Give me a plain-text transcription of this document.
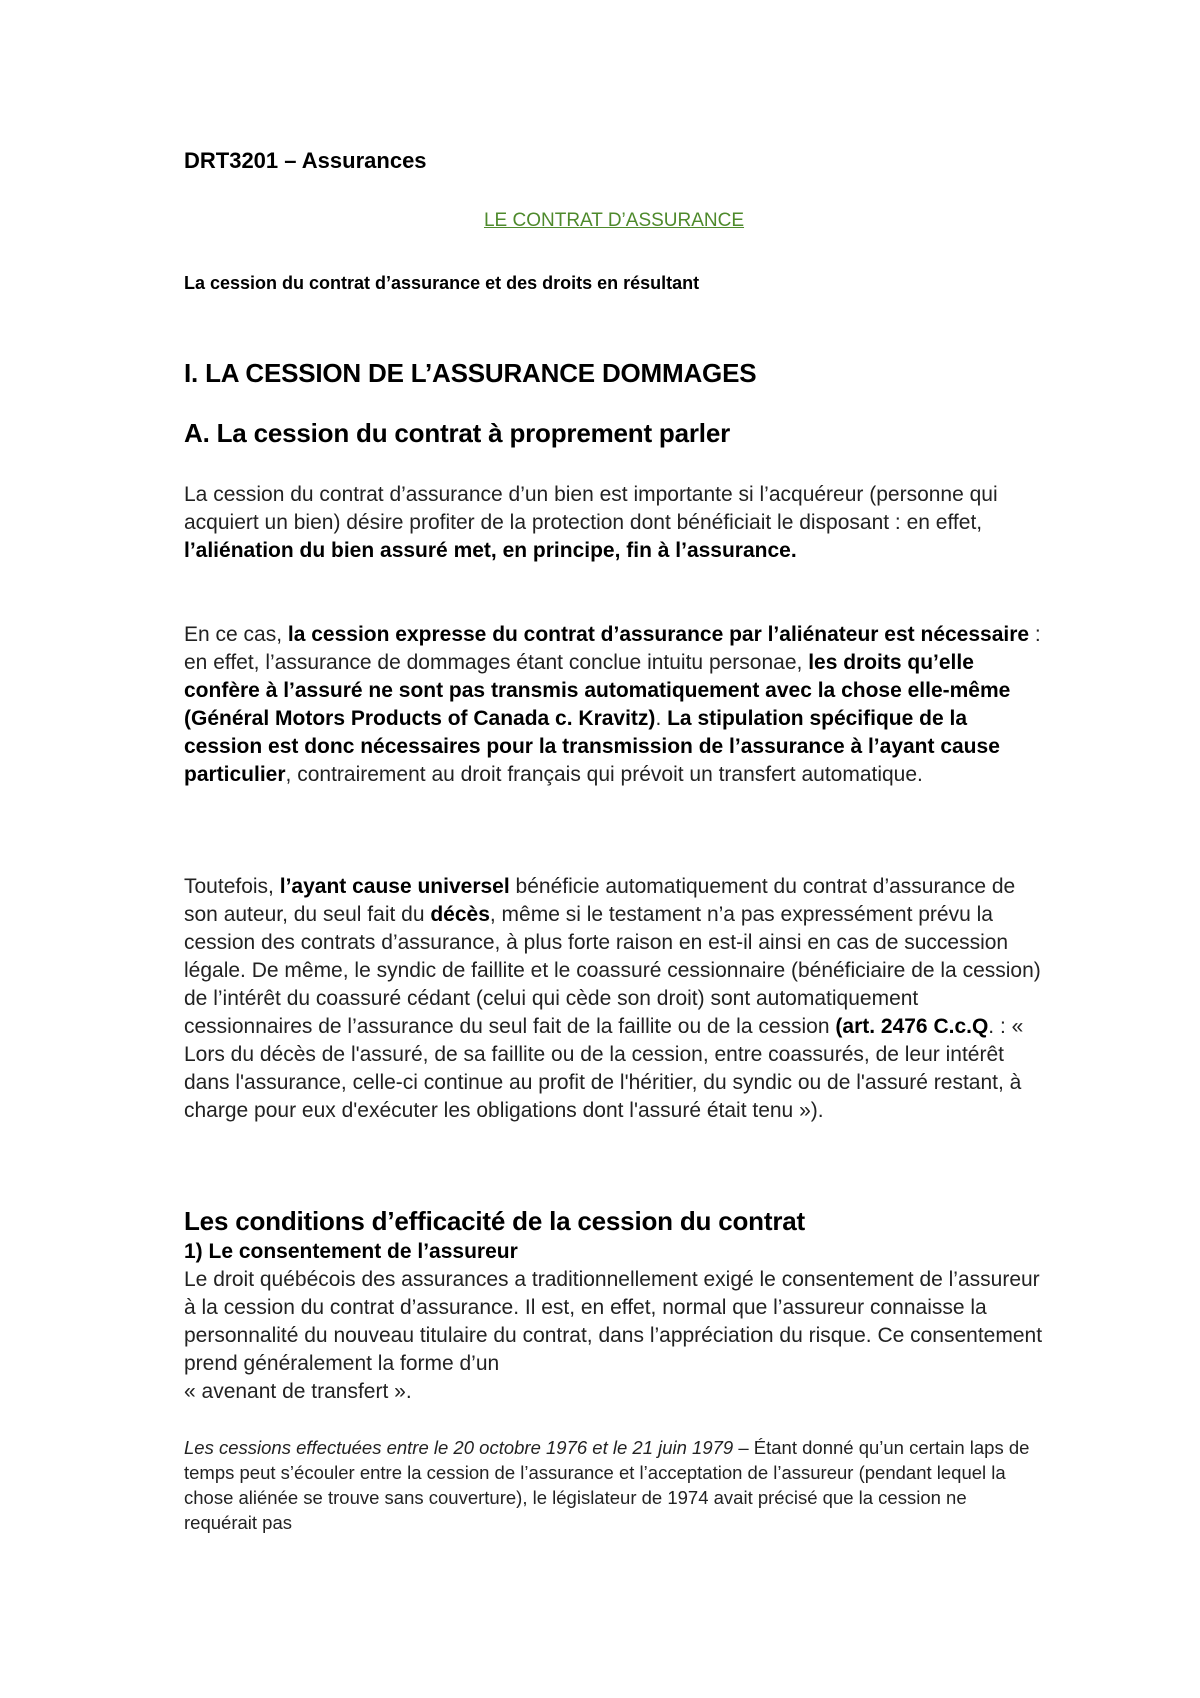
DRT3201 – Assurances

LE CONTRAT D’ASSURANCE

La cession du contrat d’assurance et des droits en résultant

I. LA CESSION DE L’ASSURANCE DOMMAGES
A. La cession du contrat à proprement parler

La cession du contrat d’assurance d’un bien est importante si l’acquéreur (personne qui acquiert un bien) désire profiter de la protection dont bénéficiait le disposant : en effet, l’aliénation du bien assuré met, en principe, fin à l’assurance.

En ce cas, la cession expresse du contrat d’assurance par l’aliénateur est nécessaire : en effet, l’assurance de dommages étant conclue intuitu personae, les droits qu’elle confère à l’assuré ne sont pas transmis automatiquement avec la chose elle-même (Général Motors Products of Canada c. Kravitz). La stipulation spécifique de la cession est donc nécessaires pour la transmission de l’assurance à l’ayant cause particulier, contrairement au droit français qui prévoit un transfert automatique.

Toutefois, l’ayant cause universel bénéficie automatiquement du contrat d’assurance de son auteur, du seul fait du décès, même si le testament n’a pas expressément prévu la cession des contrats d’assurance, à plus forte raison en est-il ainsi en cas de succession légale. De même, le syndic de faillite et le coassuré cessionnaire (bénéficiaire de la cession) de l’intérêt du coassuré cédant (celui qui cède son droit) sont automatiquement cessionnaires de l’assurance du seul fait de la faillite ou de la cession (art. 2476 C.c.Q. : « Lors du décès de l'assuré, de sa faillite ou de la cession, entre coassurés, de leur intérêt dans l'assurance, celle-ci continue au profit de l'héritier, du syndic ou de l'assuré restant, à charge pour eux d'exécuter les obligations dont l'assuré était tenu »).

Les conditions d’efficacité de la cession du contrat
1) Le consentement de l’assureur

Le droit québécois des assurances a traditionnellement exigé le consentement de l’assureur à la cession du contrat d’assurance. Il est, en effet, normal que l’assureur connaisse la personnalité du nouveau titulaire du contrat, dans l’appréciation du risque. Ce consentement prend généralement la forme d’un

« avenant de transfert ».

Les cessions effectuées entre le 20 octobre 1976 et le 21 juin 1979 – Étant donné qu’un certain laps de temps peut s’écouler entre la cession de l’assurance et l’acceptation de l’assureur (pendant lequel la chose aliénée se trouve sans couverture), le législateur de 1974 avait précisé que la cession ne requérait pas
